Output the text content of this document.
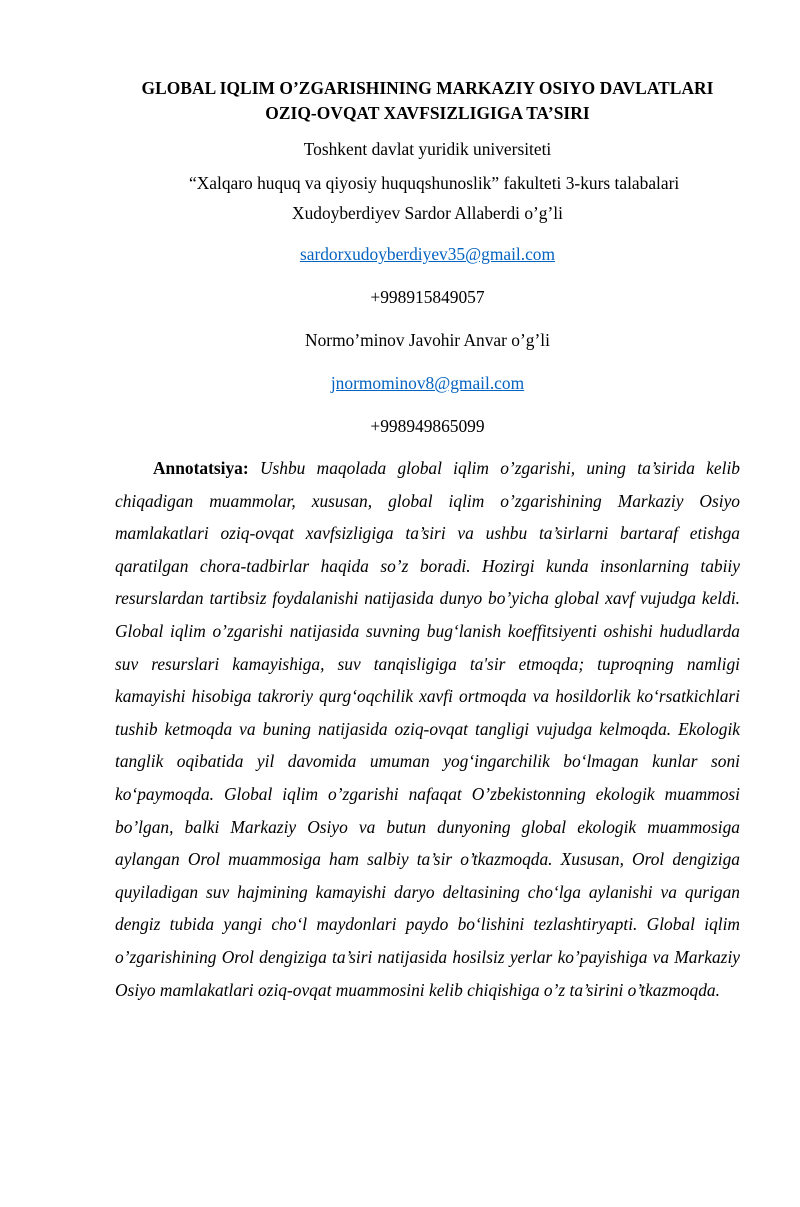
GLOBAL IQLIM O’ZGARISHINING MARKAZIY OSIYO DAVLATLARI
OZIQ-OVQAT XAVFSIZLIGIGA TA’SIRI
Toshkent davlat yuridik universiteti
“Xalqaro huquq va qiyosiy huquqshunoslik” fakulteti 3-kurs talabalari
Xudoyberdiyev Sardor Allaberdi o’g’li
sardorxudoyberdiyev35@gmail.com
+998915849057
Normo’minov Javohir Anvar o’g’li
jnormominov8@gmail.com
+998949865099

Annotatsiya: Ushbu maqolada global iqlim o’zgarishi, uning ta’sirida kelib chiqadigan muammolar, xususan, global iqlim o’zgarishining Markaziy Osiyo mamlakatlari oziq-ovqat xavfsizligiga ta’siri va ushbu ta’sirlarni bartaraf etishga qaratilgan chora-tadbirlar haqida so’z boradi. Hozirgi kunda insonlarning tabiiy resurslardan tartibsiz foydalanishi natijasida dunyo bo’yicha global xavf vujudga keldi. Global iqlim o’zgarishi natijasida suvning bug‘lanish koeffitsiyenti oshishi hududlarda suv resurslari kamayishiga, suv tanqisligiga ta'sir etmoqda; tuproqning namligi kamayishi hisobiga takroriy qurg‘oqchilik xavfi ortmoqda va hosildorlik ko‘rsatkichlari tushib ketmoqda va buning natijasida oziq-ovqat tangligi vujudga kelmoqda. Ekologik tanglik oqibatida yil davomida umuman yog‘ingarchilik bo‘lmagan kunlar soni ko‘paymoqda. Global iqlim o’zgarishi nafaqat O’zbekistonning ekologik muammosi bo’lgan, balki Markaziy Osiyo va butun dunyoning global ekologik muammosiga aylangan Orol muammosiga ham salbiy ta’sir o’tkazmoqda. Xususan, Orol dengiziga quyiladigan suv hajmining kamayishi daryo deltasining cho‘lga aylanishi va qurigan dengiz tubida yangi cho‘l maydonlari paydo bo‘lishini tezlashtiryapti. Global iqlim o’zgarishining Orol dengiziga ta’siri natijasida hosilsiz yerlar ko’payishiga va Markaziy Osiyo mamlakatlari oziq-ovqat muammosini kelib chiqishiga o’z ta’sirini o’tkazmoqda.
